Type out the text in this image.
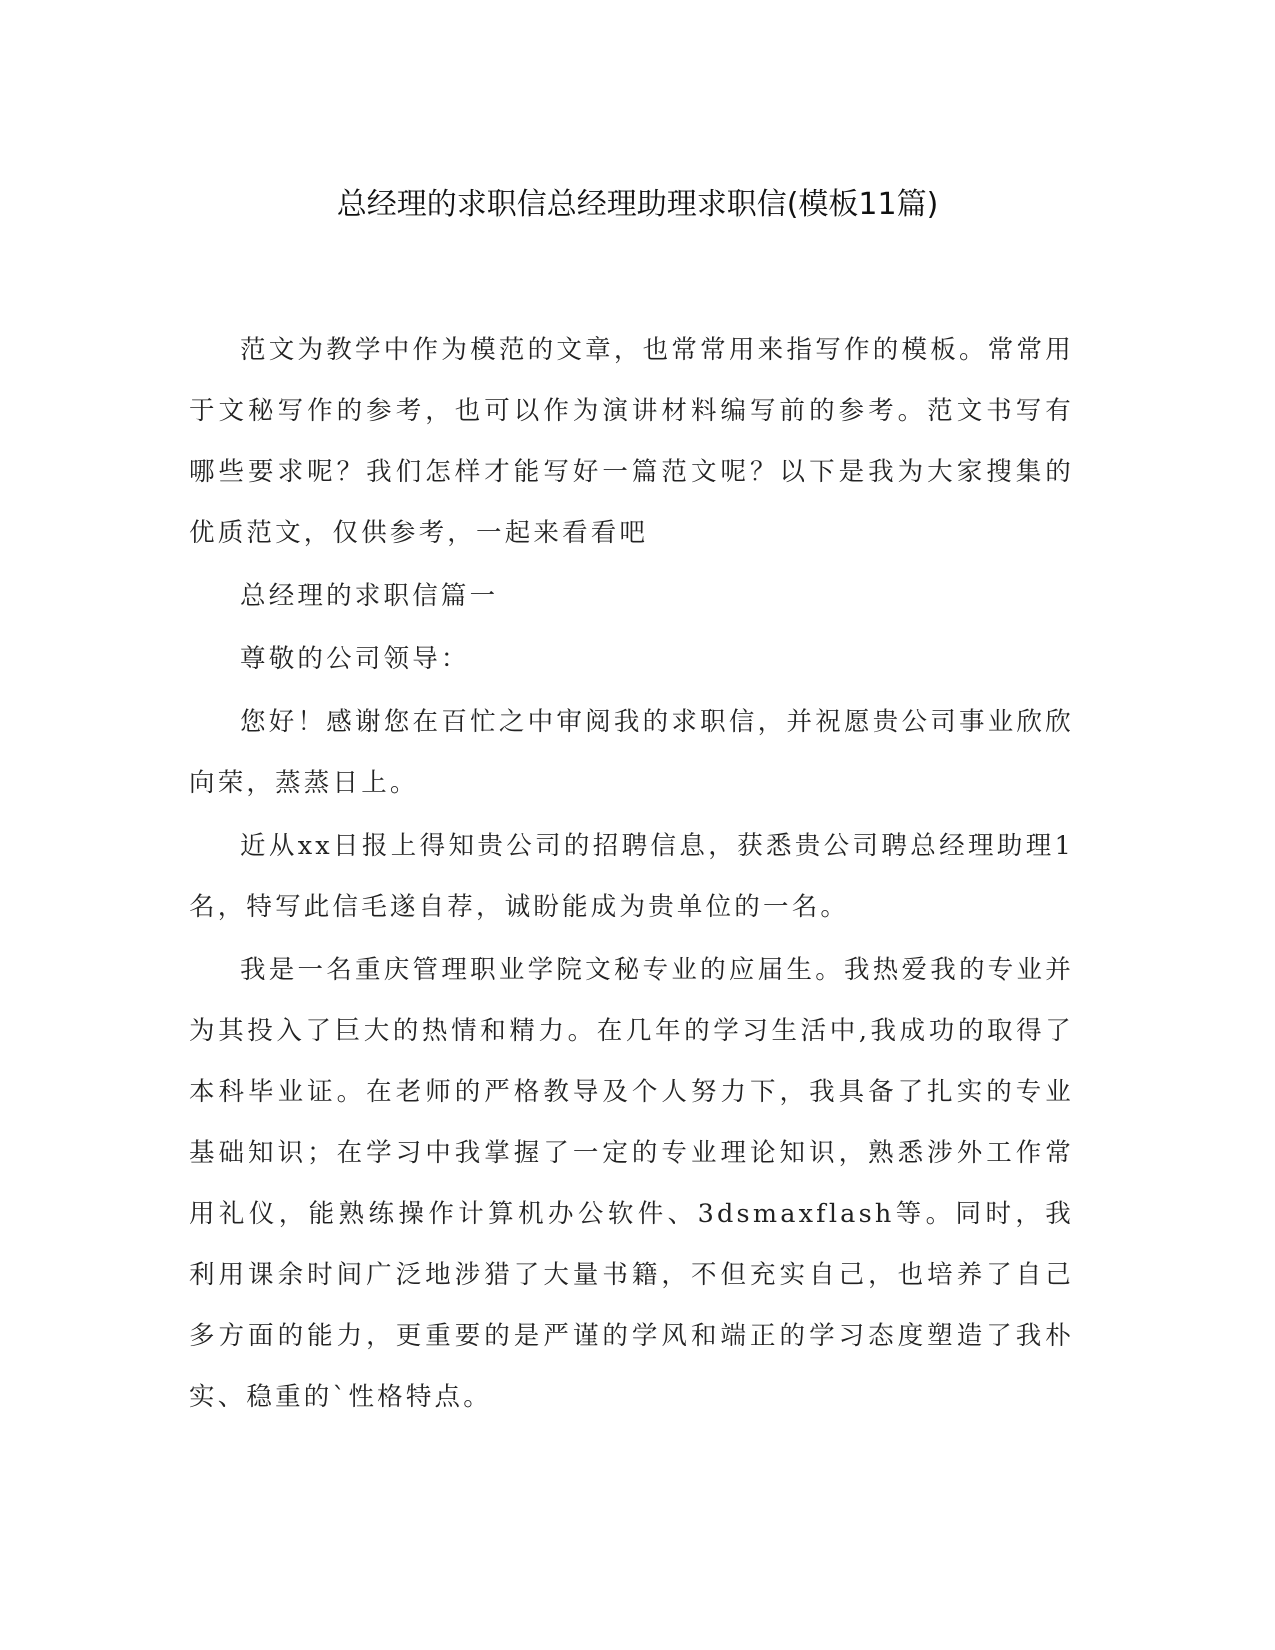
总经理的求职信总经理助理求职信(模板11篇)

范文为教学中作为模范的文章，也常常用来指写作的模板。常常用于文秘写作的参考，也可以作为演讲材料编写前的参考。范文书写有哪些要求呢？我们怎样才能写好一篇范文呢？以下是我为大家搜集的优质范文，仅供参考，一起来看看吧

总经理的求职信篇一

尊敬的公司领导：

您好！感谢您在百忙之中审阅我的求职信，并祝愿贵公司事业欣欣向荣，蒸蒸日上。

近从xx日报上得知贵公司的招聘信息，获悉贵公司聘总经理助理1名，特写此信毛遂自荐，诚盼能成为贵单位的一名。

我是一名重庆管理职业学院文秘专业的应届生。我热爱我的专业并为其投入了巨大的热情和精力。在几年的学习生活中,我成功的取得了本科毕业证。在老师的严格教导及个人努力下，我具备了扎实的专业基础知识；在学习中我掌握了一定的专业理论知识，熟悉涉外工作常用礼仪，能熟练操作计算机办公软件、3dsmaxflash等。同时，我利用课余时间广泛地涉猎了大量书籍，不但充实自己，也培养了自己多方面的能力，更重要的是严谨的学风和端正的学习态度塑造了我朴实、稳重的`性格特点。
